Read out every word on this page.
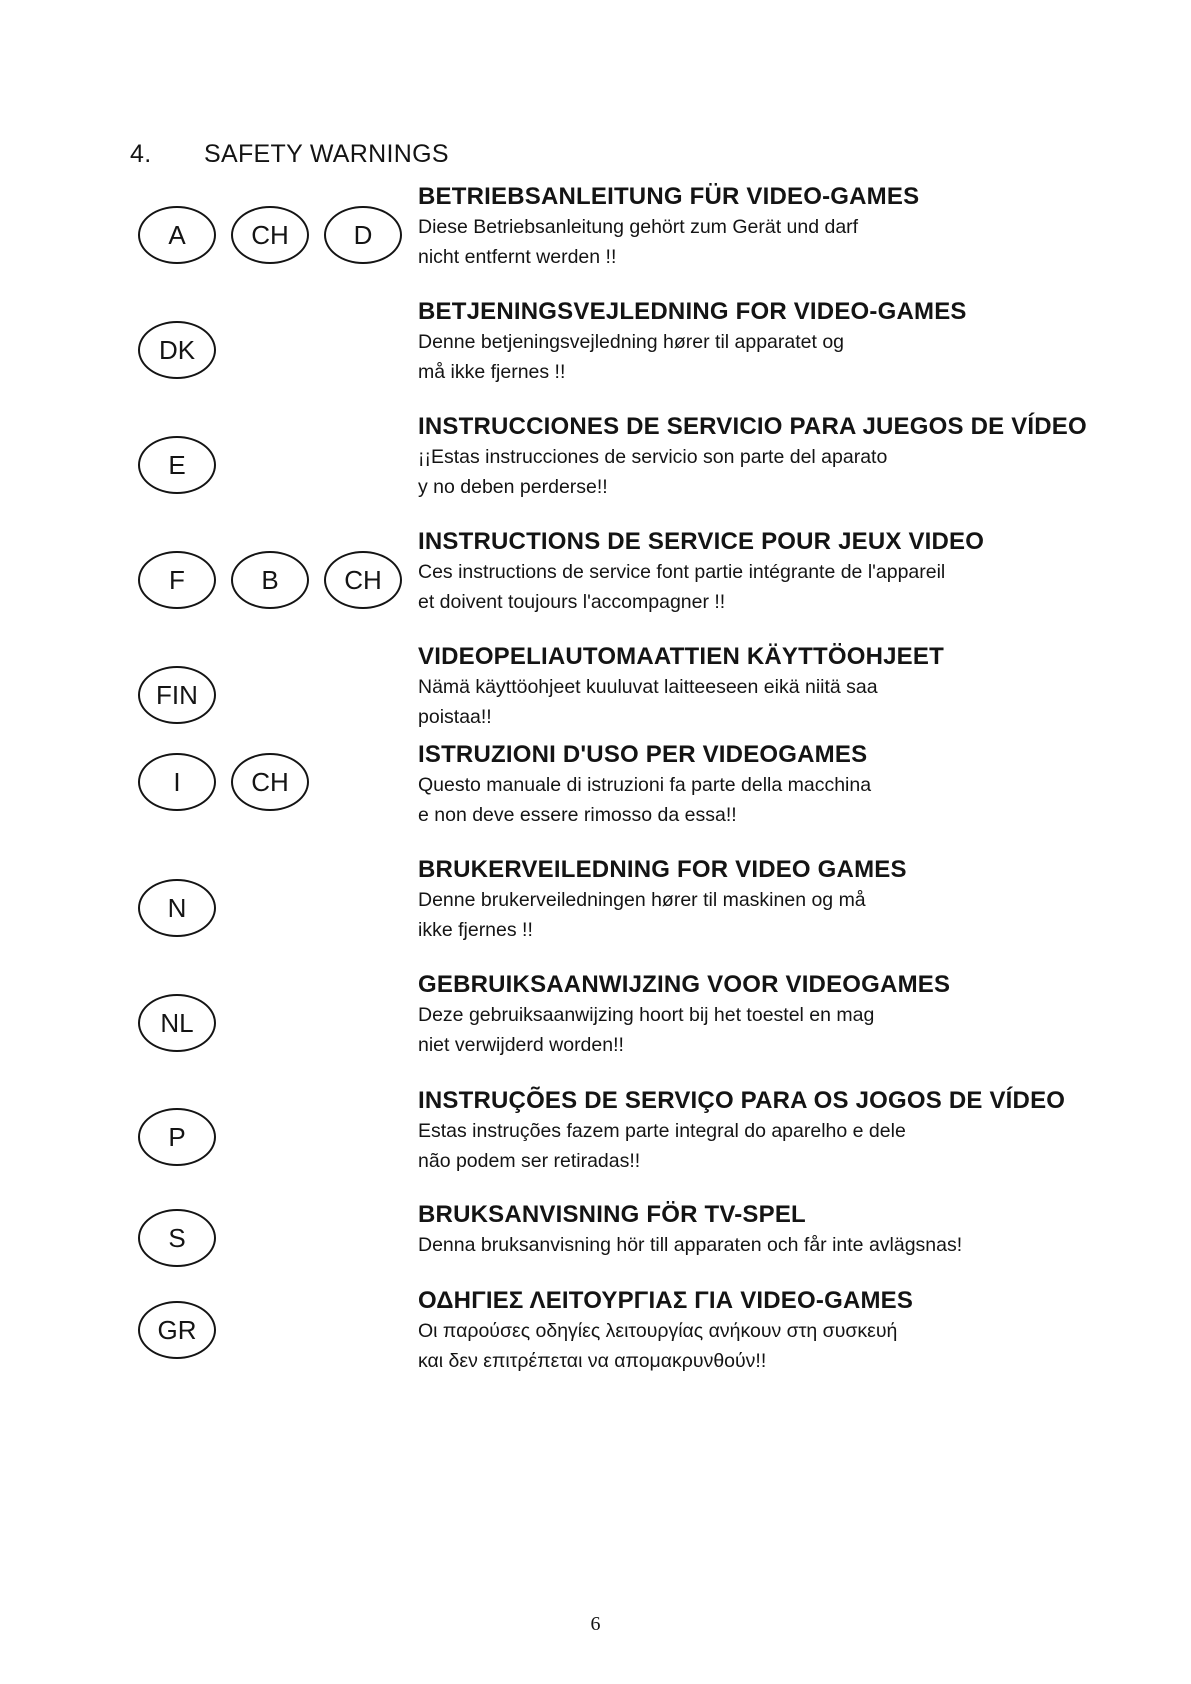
4. SAFETY WARNINGS
A	CH	D
BETRIEBSANLEITUNG FÜR VIDEO-GAMES
Diese Betriebsanleitung gehört zum Gerät und darf
nicht entfernt werden !!
DK
BETJENINGSVEJLEDNING FOR VIDEO-GAMES
Denne betjeningsvejledning hører til apparatet og
må ikke fjernes !!
E
INSTRUCCIONES DE SERVICIO PARA JUEGOS DE VÍDEO
¡¡Estas instrucciones de servicio son parte del aparato
y no deben perderse!!
F	B	CH
INSTRUCTIONS DE SERVICE POUR JEUX VIDEO
Ces instructions de service font partie intégrante de l'appareil
et doivent toujours l'accompagner !!
FIN
VIDEOPELIAUTOMAATTIEN KÄYTTÖOHJEET
Nämä käyttöohjeet kuuluvat laitteeseen eikä niitä saa
poistaa!!
I	CH
ISTRUZIONI D'USO PER VIDEOGAMES
Questo manuale di istruzioni fa parte della macchina
e non deve essere rimosso da essa!!
N
BRUKERVEILEDNING FOR VIDEO GAMES
Denne brukerveiledningen hører til maskinen og må
ikke fjernes !!
NL
GEBRUIKSAANWIJZING VOOR VIDEOGAMES
Deze gebruiksaanwijzing hoort bij het toestel en mag
niet verwijderd worden!!
P
INSTRUÇÕES DE SERVIÇO PARA OS JOGOS DE VÍDEO
Estas instruções fazem parte integral do aparelho e dele
não podem ser retiradas!!
S
BRUKSANVISNING FÖR TV-SPEL
Denna bruksanvisning hör till apparaten och får inte avlägsnas!
GR
ΟΔΗΓΙΕΣ ΛΕΙΤΟΥΡΓΙΑΣ ΓΙΑ VIDEO-GAMES
Οι παρούσες οδηγίες λειτουργίας ανήκουν στη συσκευή
και δεν επιτρέπεται να απομακρυνθούν!!
6
